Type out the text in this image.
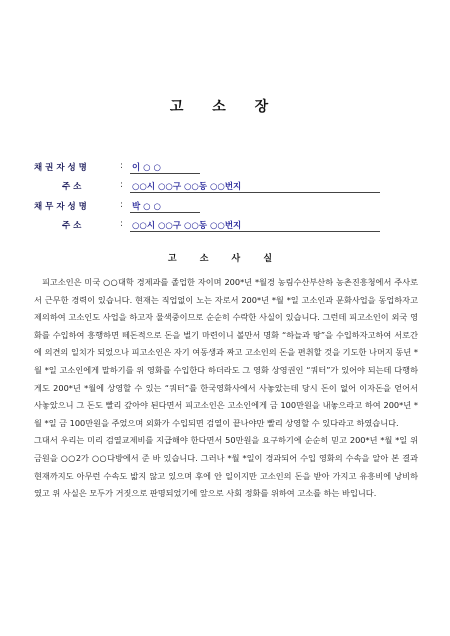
고 소 장
채 권 자 성 명	: 이 ○ ○
주 소	: ○○시 ○○구 ○○동 ○○번지
채 무 자 성 명	: 박 ○ ○
주 소	: ○○시 ○○구 ○○동 ○○번지
고 소 사 실

피고소인은 미국 ○○대학 경제과를 졸업한 자이며 200*년 *월경 농림수산부산하 농촌진흥청에서 주사로서 근무한 경력이 있습니다. 현재는 직업없이 노는 자로서 200*년 *월 *일 고소인과 문화사업을 동업하자고 제의하여 고소인도 사업을 하고자 물색중이므로 순순히 수락한 사실이 있습니다. 그런데 피고소인이 외국 영화를 수입하여 흥행하면 떼돈적으로 돈을 벌기 마련이니 볼만서 명화 “하늘과 땅”을 수입하자고하여 서로간에 의견의 일치가 되었으나 피고소인은 자기 여동생과 짜고 고소인의 돈을 편취할 것을 기도한 나머지 동년 *월 *일 고소인에게 말하기를 위 영화를 수입한다 하더라도 그 영화 상영권인 “쿼터”가 있어야 되는데 다행하게도 200*년 *월에 상영할 수 있는 “쿼터”를 한국영화사에서 사놓았는데 당시 돈이 없어 이자돈을 얻어서 사놓았으니 그 돈도 빨리 갚아야 된다면서 피고소인은 고소인에게 금 100만원을 내놓으라고 하여 200*년 *월 *일 금 100만원을 주었으며 외화가 수입되면 검열이 끝나야만 빨리 상영할 수 있다라고 하였습니다.

그대서 우리는 미리 검열교제비를 지급해야 한다면서 50만원을 요구하기에 순순히 믿고 200*년 *월 *일 위 금원을 ○○2가 ○○다방에서 준 바 있습니다. 그러나 *월 *일이 경과되어 수입 영화의 수속을 알아 본 결과 현재까지도 아무런 수속도 밟지 않고 있으며 후에 안 일이지만 고소인의 돈을 받아 가지고 유흥비에 낭비하였고 위 사실은 모두가 거짓으로 판명되었기에 앞으로 사회 정화를 위하여 고소를 하는 바입니다.
